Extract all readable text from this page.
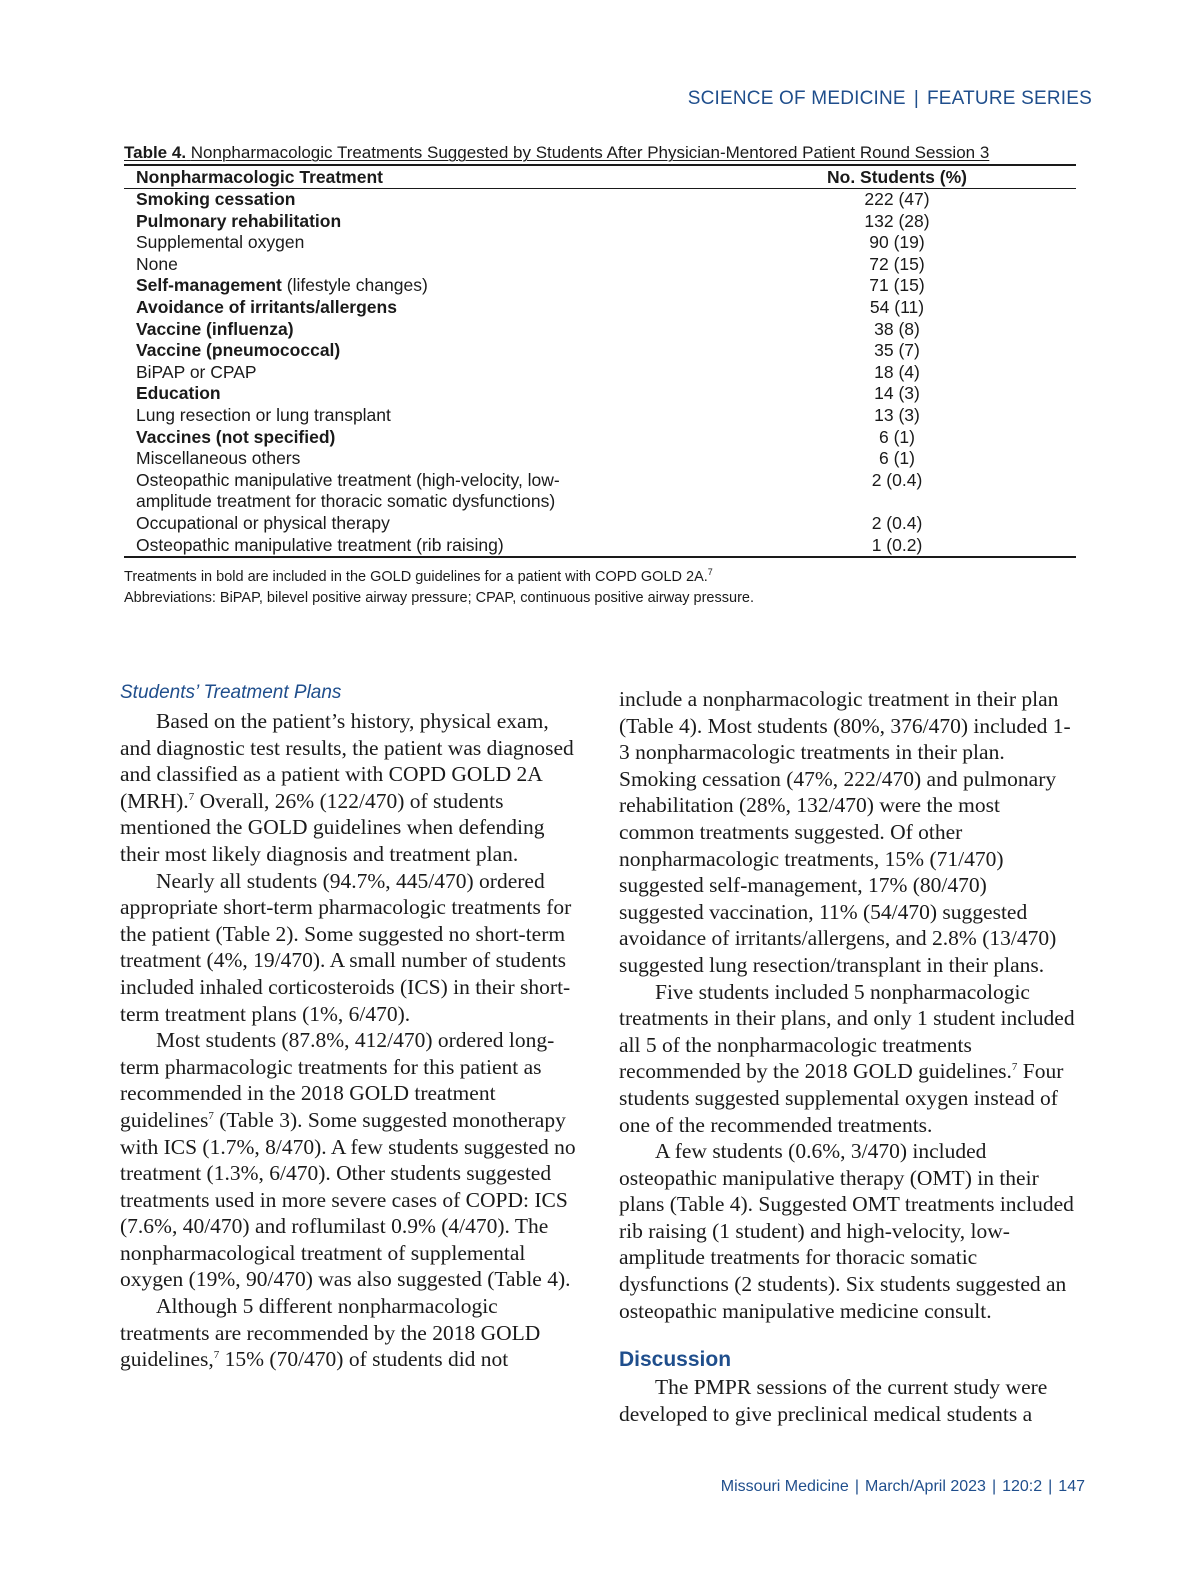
SCIENCE OF MEDICINE | FEATURE SERIES
Table 4. Nonpharmacologic Treatments Suggested by Students After Physician-Mentored Patient Round Session 3
Nonpharmacologic Treatment	No. Students (%)
Smoking cessation	222 (47)
Pulmonary rehabilitation	132 (28)
Supplemental oxygen	90 (19)
None	72 (15)
Self-management (lifestyle changes)	71 (15)
Avoidance of irritants/allergens	54 (11)
Vaccine (influenza)	38 (8)
Vaccine (pneumococcal)	35 (7)
BiPAP or CPAP	18 (4)
Education	14 (3)
Lung resection or lung transplant	13 (3)
Vaccines (not specified)	6 (1)
Miscellaneous others	6 (1)
Osteopathic manipulative treatment (high-velocity, low-amplitude treatment for thoracic somatic dysfunctions)	2 (0.4)
Occupational or physical therapy	2 (0.4)
Osteopathic manipulative treatment (rib raising)	1 (0.2)
Treatments in bold are included in the GOLD guidelines for a patient with COPD GOLD 2A.$^7$
Abbreviations: BiPAP, bilevel positive airway pressure; CPAP, continuous positive airway pressure.
Students’ Treatment Plans

Based on the patient’s history, physical exam, and diagnostic test results, the patient was diagnosed and classified as a patient with COPD GOLD 2A (MRH).$^7$ Overall, 26% (122/470) of students mentioned the GOLD guidelines when defending their most likely diagnosis and treatment plan.

Nearly all students (94.7%, 445/470) ordered appropriate short-term pharmacologic treatments for the patient (Table 2). Some suggested no short-term treatment (4%, 19/470). A small number of students included inhaled corticosteroids (ICS) in their short-term treatment plans (1%, 6/470).

Most students (87.8%, 412/470) ordered long-term pharmacologic treatments for this patient as recommended in the 2018 GOLD treatment guidelines$^7$ (Table 3). Some suggested monotherapy with ICS (1.7%, 8/470). A few students suggested no treatment (1.3%, 6/470). Other students suggested treatments used in more severe cases of COPD: ICS (7.6%, 40/470) and roflumilast 0.9% (4/470). The nonpharmacological treatment of supplemental oxygen (19%, 90/470) was also suggested (Table 4).

Although 5 different nonpharmacologic treatments are recommended by the 2018 GOLD guidelines,$^7$ 15% (70/470) of students did not

include a nonpharmacologic treatment in their plan (Table 4). Most students (80%, 376/470) included 1-3 nonpharmacologic treatments in their plan. Smoking cessation (47%, 222/470) and pulmonary rehabilitation (28%, 132/470) were the most common treatments suggested. Of other nonpharmacologic treatments, 15% (71/470) suggested self-management, 17% (80/470) suggested vaccination, 11% (54/470) suggested avoidance of irritants/allergens, and 2.8% (13/470) suggested lung resection/transplant in their plans.

Five students included 5 nonpharmacologic treatments in their plans, and only 1 student included all 5 of the nonpharmacologic treatments recommended by the 2018 GOLD guidelines.$^7$ Four students suggested supplemental oxygen instead of one of the recommended treatments.

A few students (0.6%, 3/470) included osteopathic manipulative therapy (OMT) in their plans (Table 4). Suggested OMT treatments included rib raising (1 student) and high-velocity, low-amplitude treatments for thoracic somatic dysfunctions (2 students). Six students suggested an osteopathic manipulative medicine consult.

Discussion

The PMPR sessions of the current study were developed to give preclinical medical students a

Missouri Medicine | March/April 2023 | 120:2 | 147
